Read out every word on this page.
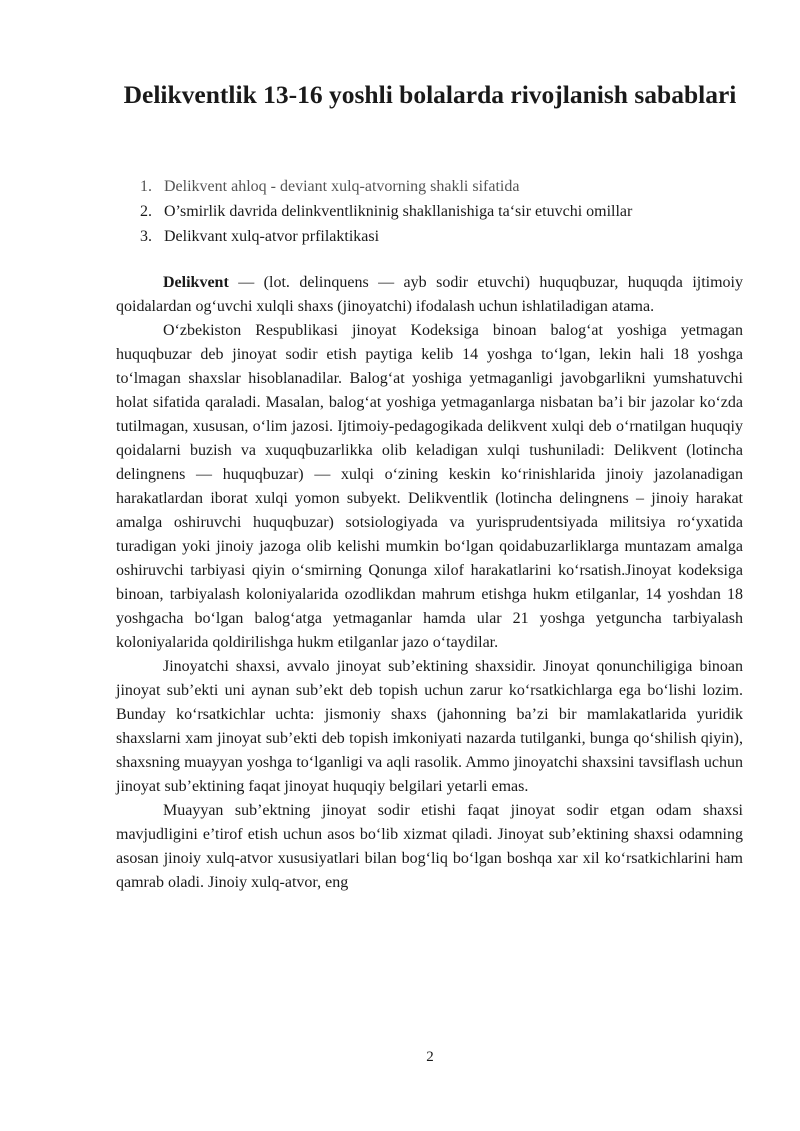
Delikventlik 13-16 yoshli bolalarda rivojlanish sabablari
1. Delikvent ahloq - deviant xulq-atvorning shakli sifatida
2. O’smirlik davrida delinkventlikninig shakllanishiga ta‘sir etuvchi omillar
3. Delikvant xulq-atvor prfilaktikasi

Delikvent — (lot. delinquens — ayb sodir etuvchi) huquqbuzar, huquqda ijtimoiy qoidalardan og‘uvchi xulqli shaxs (jinoyatchi) ifodalash uchun ishlatiladigan atama.

O‘zbekiston Respublikasi jinoyat Kodeksiga binoan balog‘at yoshiga yetmagan huquqbuzar deb jinoyat sodir etish paytiga kelib 14 yoshga to‘lgan, lekin hali 18 yoshga to‘lmagan shaxslar hisoblanadilar. Balog‘at yoshiga yetmaganligi javobgarlikni yumshatuvchi holat sifatida qaraladi. Masalan, balog‘at yoshiga yetmaganlarga nisbatan ba’i bir jazolar ko‘zda tutilmagan, xususan, o‘lim jazosi. Ijtimoiy-pedagogikada delikvent xulqi deb o‘rnatilgan huquqiy qoidalarni buzish va xuquqbuzarlikka olib keladigan xulqi tushuniladi: Delikvent (lotincha delingnens — huquqbuzar) — xulqi o‘zining keskin ko‘rinishlarida jinoiy jazolanadigan harakatlardan iborat xulqi yomon subyekt. Delikventlik (lotincha delingnens – jinoiy harakat amalga oshiruvchi huquqbuzar) sotsiologiyada va yurisprudentsiyada militsiya ro‘yxatida turadigan yoki jinoiy jazoga olib kelishi mumkin bo‘lgan qoidabuzarliklarga muntazam amalga oshiruvchi tarbiyasi qiyin o‘smirning Qonunga xilof harakatlarini ko‘rsatish.Jinoyat kodeksiga binoan, tarbiyalash koloniyalarida ozodlikdan mahrum etishga hukm etilganlar, 14 yoshdan 18 yoshgacha bo‘lgan balog‘atga yetmaganlar hamda ular 21 yoshga yetguncha tarbiyalash koloniyalarida qoldirilishga hukm etilganlar jazo o‘taydilar.

Jinoyatchi shaxsi, avvalo jinoyat sub’ektining shaxsidir. Jinoyat qonunchiligiga binoan jinoyat sub’ekti uni aynan sub’ekt deb topish uchun zarur ko‘rsatkichlarga ega bo‘lishi lozim. Bunday ko‘rsatkichlar uchta: jismoniy shaxs (jahonning ba’zi bir mamlakatlarida yuridik shaxslarni xam jinoyat sub’ekti deb topish imkoniyati nazarda tutilganki, bunga qo‘shilish qiyin), shaxsning muayyan yoshga to‘lganligi va aqli rasolik. Ammo jinoyatchi shaxsini tavsiflash uchun jinoyat sub’ektining faqat jinoyat huquqiy belgilari yetarli emas.

Muayyan sub’ektning jinoyat sodir etishi faqat jinoyat sodir etgan odam shaxsi mavjudligini e’tirof etish uchun asos bo‘lib xizmat qiladi. Jinoyat sub’ektining shaxsi odamning asosan jinoiy xulq-atvor xususiyatlari bilan bog‘liq bo‘lgan boshqa xar xil ko‘rsatkichlarini ham qamrab oladi. Jinoiy xulq-atvor, eng

2
